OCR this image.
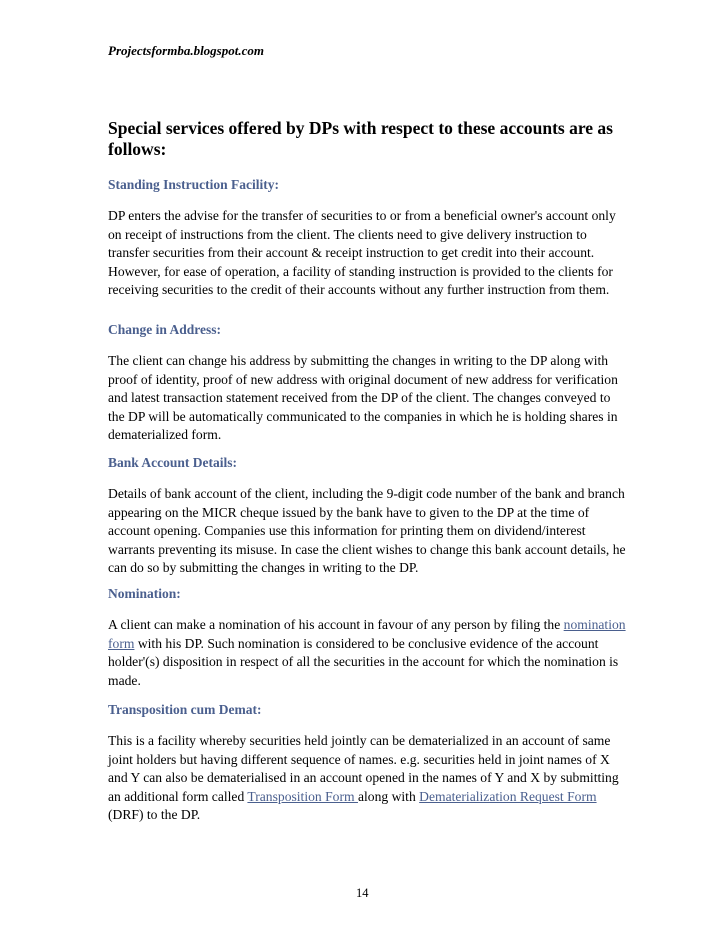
Projectsformba.blogspot.com
Special services offered by DPs with respect to these accounts are as follows:
Standing Instruction Facility:
DP enters the advise for the transfer of securities to or from a beneficial owner's account only on receipt of instructions from the client. The clients need to give delivery instruction to transfer securities from their account & receipt instruction to get credit into their account. However, for ease of operation, a facility of standing instruction is provided to the clients for receiving securities to the credit of their accounts without any further instruction from them.
Change in Address:
The client can change his address by submitting the changes in writing to the DP along with proof of identity, proof of new address with original document of new address for verification and latest transaction statement received from the DP of the client. The changes conveyed to the DP will be automatically communicated to the companies in which he is holding shares in dematerialized form.
Bank Account Details:
Details of bank account of the client, including the 9-digit code number of the bank and branch appearing on the MICR cheque issued by the bank have to given to the DP at the time of account opening. Companies use this information for printing them on dividend/interest warrants preventing its misuse. In case the client wishes to change this bank account details, he can do so by submitting the changes in writing to the DP.
Nomination:
A client can make a nomination of his account in favour of any person by filing the nomination form with his DP. Such nomination is considered to be conclusive evidence of the account holder'(s) disposition in respect of all the securities in the account for which the nomination is made.
Transposition cum Demat:
This is a facility whereby securities held jointly can be dematerialized in an account of same joint holders but having different sequence of names. e.g. securities held in joint names of X and Y can also be dematerialised in an account opened in the names of Y and X by submitting an additional form called Transposition Form along with Dematerialization Request Form (DRF) to the DP.
14
